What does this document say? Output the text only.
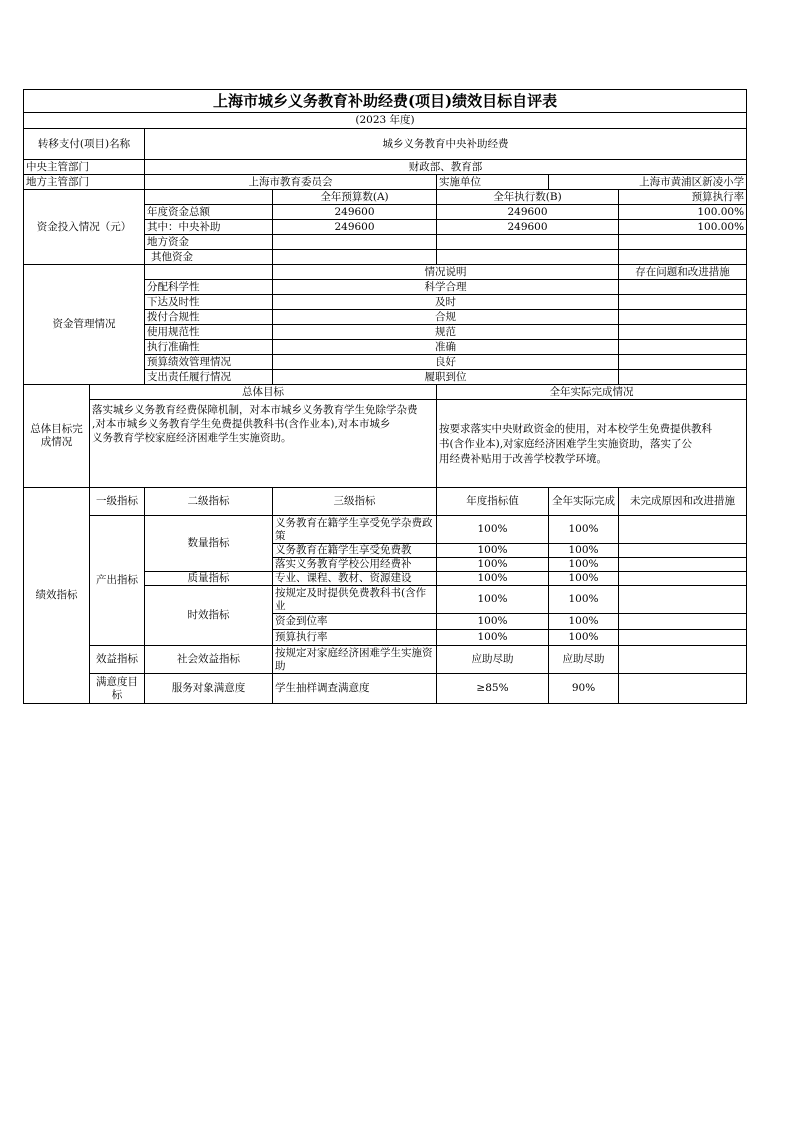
上海市城乡义务教育补助经费(项目)绩效目标自评表						
(2023 年度)						
转移支付(项目)名称		城乡义务教育中央补助经费				
中央主管部门		财政部、教育部				
地方主管部门		上海市教育委员会		实施单位	上海市黄浦区新凌小学	
资金投入情况（元）			全年预算数(A)	全年执行数(B)		预算执行率
		年度资金总额	249600	249600		100.00%
		其中：中央补助	249600	249600		100.00%
		地方资金				
		其他资金				
资金管理情况			情况说明			存在问题和改进措施
		分配科学性	科学合理			
		下达及时性	及时			
		拨付合规性	合规			
		使用规范性	规范			
		执行准确性	准确			
		预算绩效管理情况	良好			
		支出责任履行情况	履职到位			
总体目标完成情况	总体目标			全年实际完成情况		

	落实城乡义务教育经费保障机制，对本市城乡义务教育学生免除学杂费
,对本市城乡义务教育学生免费提供教科书(含作业本),对本市城乡
义务教育学校家庭经济困难学生实施资助。			按要求落实中央财政资金的使用，对本校学生免费提供教科
书(含作业本),对家庭经济困难学生实施资助，落实了公
用经费补贴用于改善学校教学环境。		

绩效指标	一级指标	二级指标	三级指标	年度指标值	全年实际完成	未完成原因和改进措施
	产出指标	数量指标	义务教育在籍学生享受免学杂费政策	100%	100%	
			义务教育在籍学生享受免费教	100%	100%	
			落实义务教育学校公用经费补	100%	100%	
		质量指标	专业、课程、教材、资源建设	100%	100%	
		时效指标	按规定及时提供免费教科书(含作业	100%	100%	
			资金到位率	100%	100%	
			预算执行率	100%	100%	
	效益指标	社会效益指标	按规定对家庭经济困难学生实施资助	应助尽助	应助尽助	
	满意度目标	服务对象满意度	学生抽样调查满意度	≥85%	90%	
